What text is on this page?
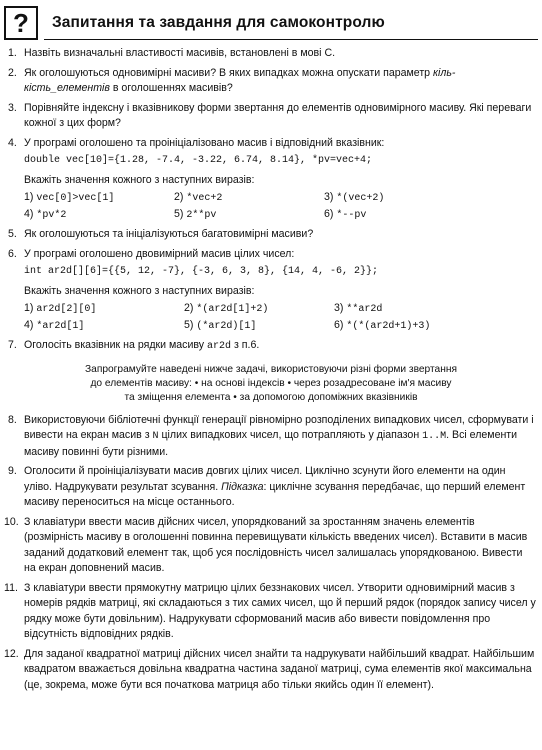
?	Запитання та завдання для самоконтролю
1. Назвіть визначальні властивості масивів, встановлені в мові С.
2. Як оголошуються одновимірні масиви? В яких випадках можна опускати параметр кіль- кість_елементів в оголошеннях масивів?
3. Порівняйте індексну і вказівникову форми звертання до елементів одновимірного масиву. Які переваги кожної з цих форм?
4. У програмі оголошено та проініціалізовано масив і відповідний вказівник:
double vec[10]={1.28, -7.4, -3.22, 6.74, 8.14}, *pv=vec+4;
Вкажіть значення кожного з наступних виразів:
1) vec[0]>vec[1]	2) *vec+2	3) *(vec+2)
4) *pv*2	5) 2**pv	6) *--pv
5. Як оголошуються та ініціалізуються багатовимірні масиви?
6. У програмі оголошено двовимірний масив цілих чисел:
int ar2d[][6]={{5, 12, -7}, {-3, 6, 3, 8}, {14, 4, -6, 2}};
Вкажіть значення кожного з наступних виразів:
1) ar2d[2][0]	2) *(ar2d[1]+2)	3) **ar2d
4) *ar2d[1]	5) (*ar2d)[1]	6) *(*(ar2d+1)+3)
7. Оголосіть вказівник на рядки масиву ar2d з п.6.
Запрограмуйте наведені нижче задачі, використовуючи різні форми звертання
до елементів масиву: • на основі індексів • через розадресоване ім'я масиву
та зміщення елемента • за допомогою допоміжних вказівників
8. Використовуючи бібліотечні функції генерації рівномірно розподілених випадкових чисел, сформувати і вивести на екран масив з N цілих випадкових чисел, що потрапляють у діапазон 1..M. Всі елементи масиву повинні бути різними.
9. Оголосити й проініціалізувати масив довгих цілих чисел. Циклічно зсунути його елементи на один уліво. Надрукувати результат зсування. Підказка: циклічне зсування передбачає, що перший елемент масиву переноситься на місце останнього.
10. З клавіатури ввести масив дійсних чисел, упорядкований за зростанням значень елементів (розмірність масиву в оголошенні повинна перевищувати кількість введених чисел). Вставити в масив заданий додатковий елемент так, щоб уся послідовність чисел залишалась упорядкованою. Вивести на екран доповнений масив.
11. З клавіатури ввести прямокутну матрицю цілих беззнакових чисел. Утворити одновимірний масив з номерів рядків матриці, які складаються з тих самих чисел, що й перший рядок (порядок запису чисел у рядку може бути довільним). Надрукувати сформований масив або вивести повідомлення про відсутність відповідних рядків.
12. Для заданої квадратної матриці дійсних чисел знайти та надрукувати найбільший квадрат. Найбільшим квадратом вважається довільна квадратна частина заданої матриці, сума елементів якої максимальна (це, зокрема, може бути вся початкова матриця або тільки якийсь один її елемент).
